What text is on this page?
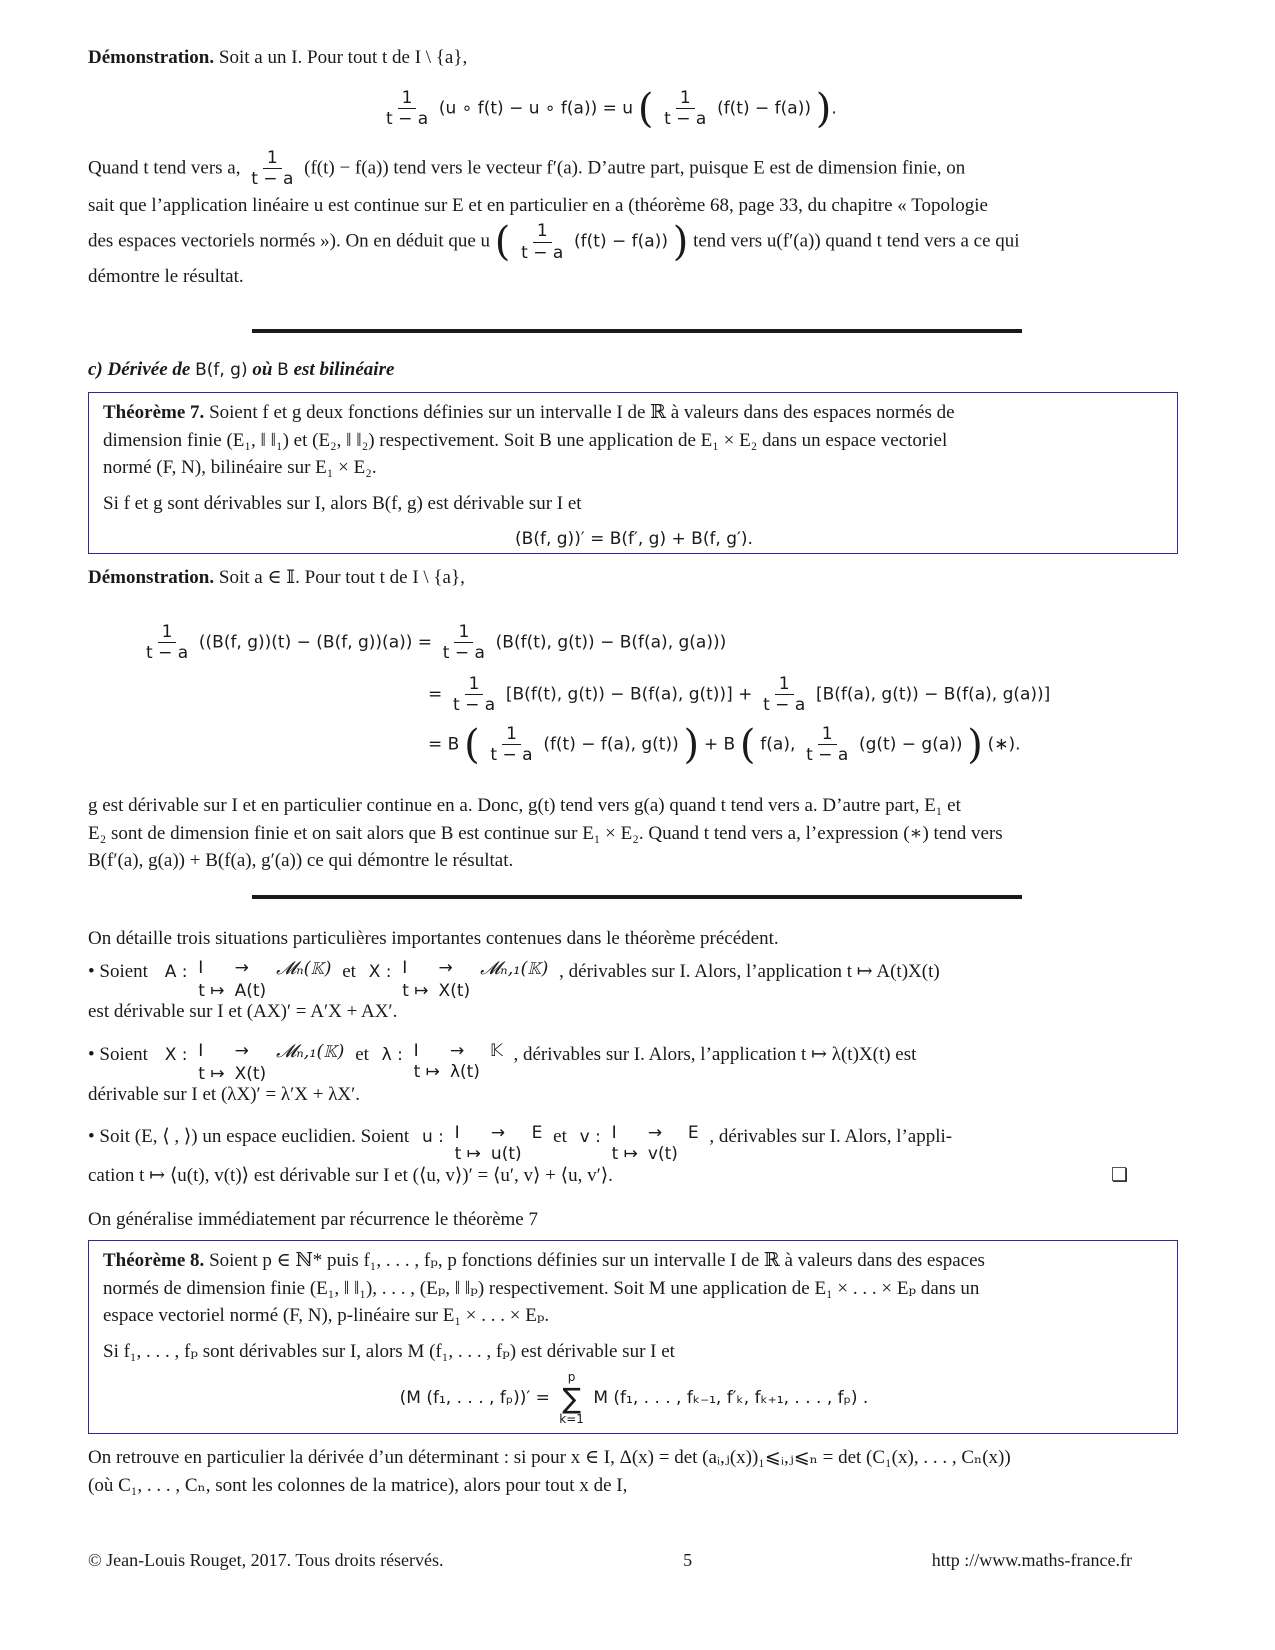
Démonstration. Soit a un I. Pour tout t de I \ {a},
$\frac{1}{t - a} (u$ ∘ f(t) − u ∘ f(a)) = u ( $\frac{1}{t - a} (f(t) - f(a))$ ).
Quand t tend vers a, $\frac{1}{t - a} (f(t) - f(a))$ tend vers le vecteur f′(a). D’autre part, puisque E est de dimension finie, on
sait que l’application linéaire u est continue sur E et en particulier en a (théorème 68, page 33, du chapitre « Topologie
des espaces vectoriels normés »). On en déduit que u ( $\frac{1}{t - a} (f(t) - f(a))$ ) tend vers u(f′(a)) quand t tend vers a ce qui
démontre le résultat.
c) Dérivée de B(f, g) où B est bilinéaire
Théorème 7. Soient f et g deux fonctions définies sur un intervalle I de ℝ à valeurs dans des espaces normés de
dimension finie (E₁, ‖ ‖₁) et (E₂, ‖ ‖₂) respectivement. Soit B une application de E₁ × E₂ dans un espace vectoriel
normé (F, N), bilinéaire sur E₁ × E₂.
Si f et g sont dérivables sur I, alors B(f, g) est dérivable sur I et
(B(f, g))′ = B(f′, g) + B(f, g′).
Démonstration. Soit a ∈ 𝕀. Pour tout t de I \ {a},
$\frac{1}{t - a} ((B(f$, g))(t) − (B(f, $g))(a)) = \frac{1}{t - a} (B(f(t)$, g(t)) − B(f(a), g(a)))
= $\frac{1}{t - a} [B(f(t)$, g(t)) − B(f(a), $g(t))] + \frac{1}{t - a} [B(f(a)$, g(t)) − B(f(a), g(a))]
= B ( $\frac{1}{t - a} (f(t) - f(a)$, g(t)) ) + B ( f(a), $\frac{1}{t - a} (g(t) - g(a))$ ) (∗).
g est dérivable sur I et en particulier continue en a. Donc, g(t) tend vers g(a) quand t tend vers a. D’autre part, E₁ et
E₂ sont de dimension finie et on sait alors que B est continue sur E₁ × E₂. Quand t tend vers a, l’expression (∗) tend vers
B(f′(a), g(a)) + B(f(a), g′(a)) ce qui démontre le résultat.
On détaille trois situations particulières importantes contenues dans le théorème précédent.
• Soient A : I	→	𝓜ₙ(𝕂)
t ↦ A(t)
et X : I	→	𝓜ₙ,₁(𝕂)
t ↦ X(t)
, dérivables sur I. Alors, l’application t ↦ A(t)X(t)
est dérivable sur I et (AX)′ = A′X + AX′.
• Soient X : I	→	𝓜ₙ,₁(𝕂)
t ↦ X(t)
et λ : I	→	𝕂
t ↦ λ(t)
, dérivables sur I. Alors, l’application t ↦ λ(t)X(t) est
dérivable sur I et (λX)′ = λ′X + λX′.
• Soit (E, ⟨ , ⟩) un espace euclidien. Soient u : I	→	E
t ↦ u(t)
et v : I	→	E
t ↦ v(t)
, dérivables sur I. Alors, l’appli-
cation t ↦ ⟨u(t), v(t)⟩ est dérivable sur I et (⟨u, v⟩)′ = ⟨u′, v⟩ + ⟨u, v′⟩.	❏
On généralise immédiatement par récurrence le théorème 7
Théorème 8. Soient p ∈ ℕ* puis f₁, . . . , fₚ, p fonctions définies sur un intervalle I de ℝ à valeurs dans des espaces
normés de dimension finie (E₁, ‖ ‖₁), . . . , (Eₚ, ‖ ‖ₚ) respectivement. Soit M une application de E₁ × . . . × Eₚ dans un
espace vectoriel normé (F, N), p-linéaire sur E₁ × . . . × Eₚ.
Si f₁, . . . , fₚ sont dérivables sur I, alors M (f₁, . . . , fₚ) est dérivable sur I et
(M (f₁, . . . , fₚ))′ =
p
∑
k=1
M (f₁, . . . , fₖ₋₁, f′ₖ, fₖ₊₁, . . . , fₚ) .
On retrouve en particulier la dérivée d’un déterminant : si pour x ∈ I, Δ(x) = det (aᵢ,ⱼ(x))₁⩽ᵢ,ⱼ⩽ₙ = det (C₁(x), . . . , Cₙ(x))
(où C₁, . . . , Cₙ, sont les colonnes de la matrice), alors pour tout x de I,
© Jean-Louis Rouget, 2017. Tous droits réservés.	5	http ://www.maths-france.fr
